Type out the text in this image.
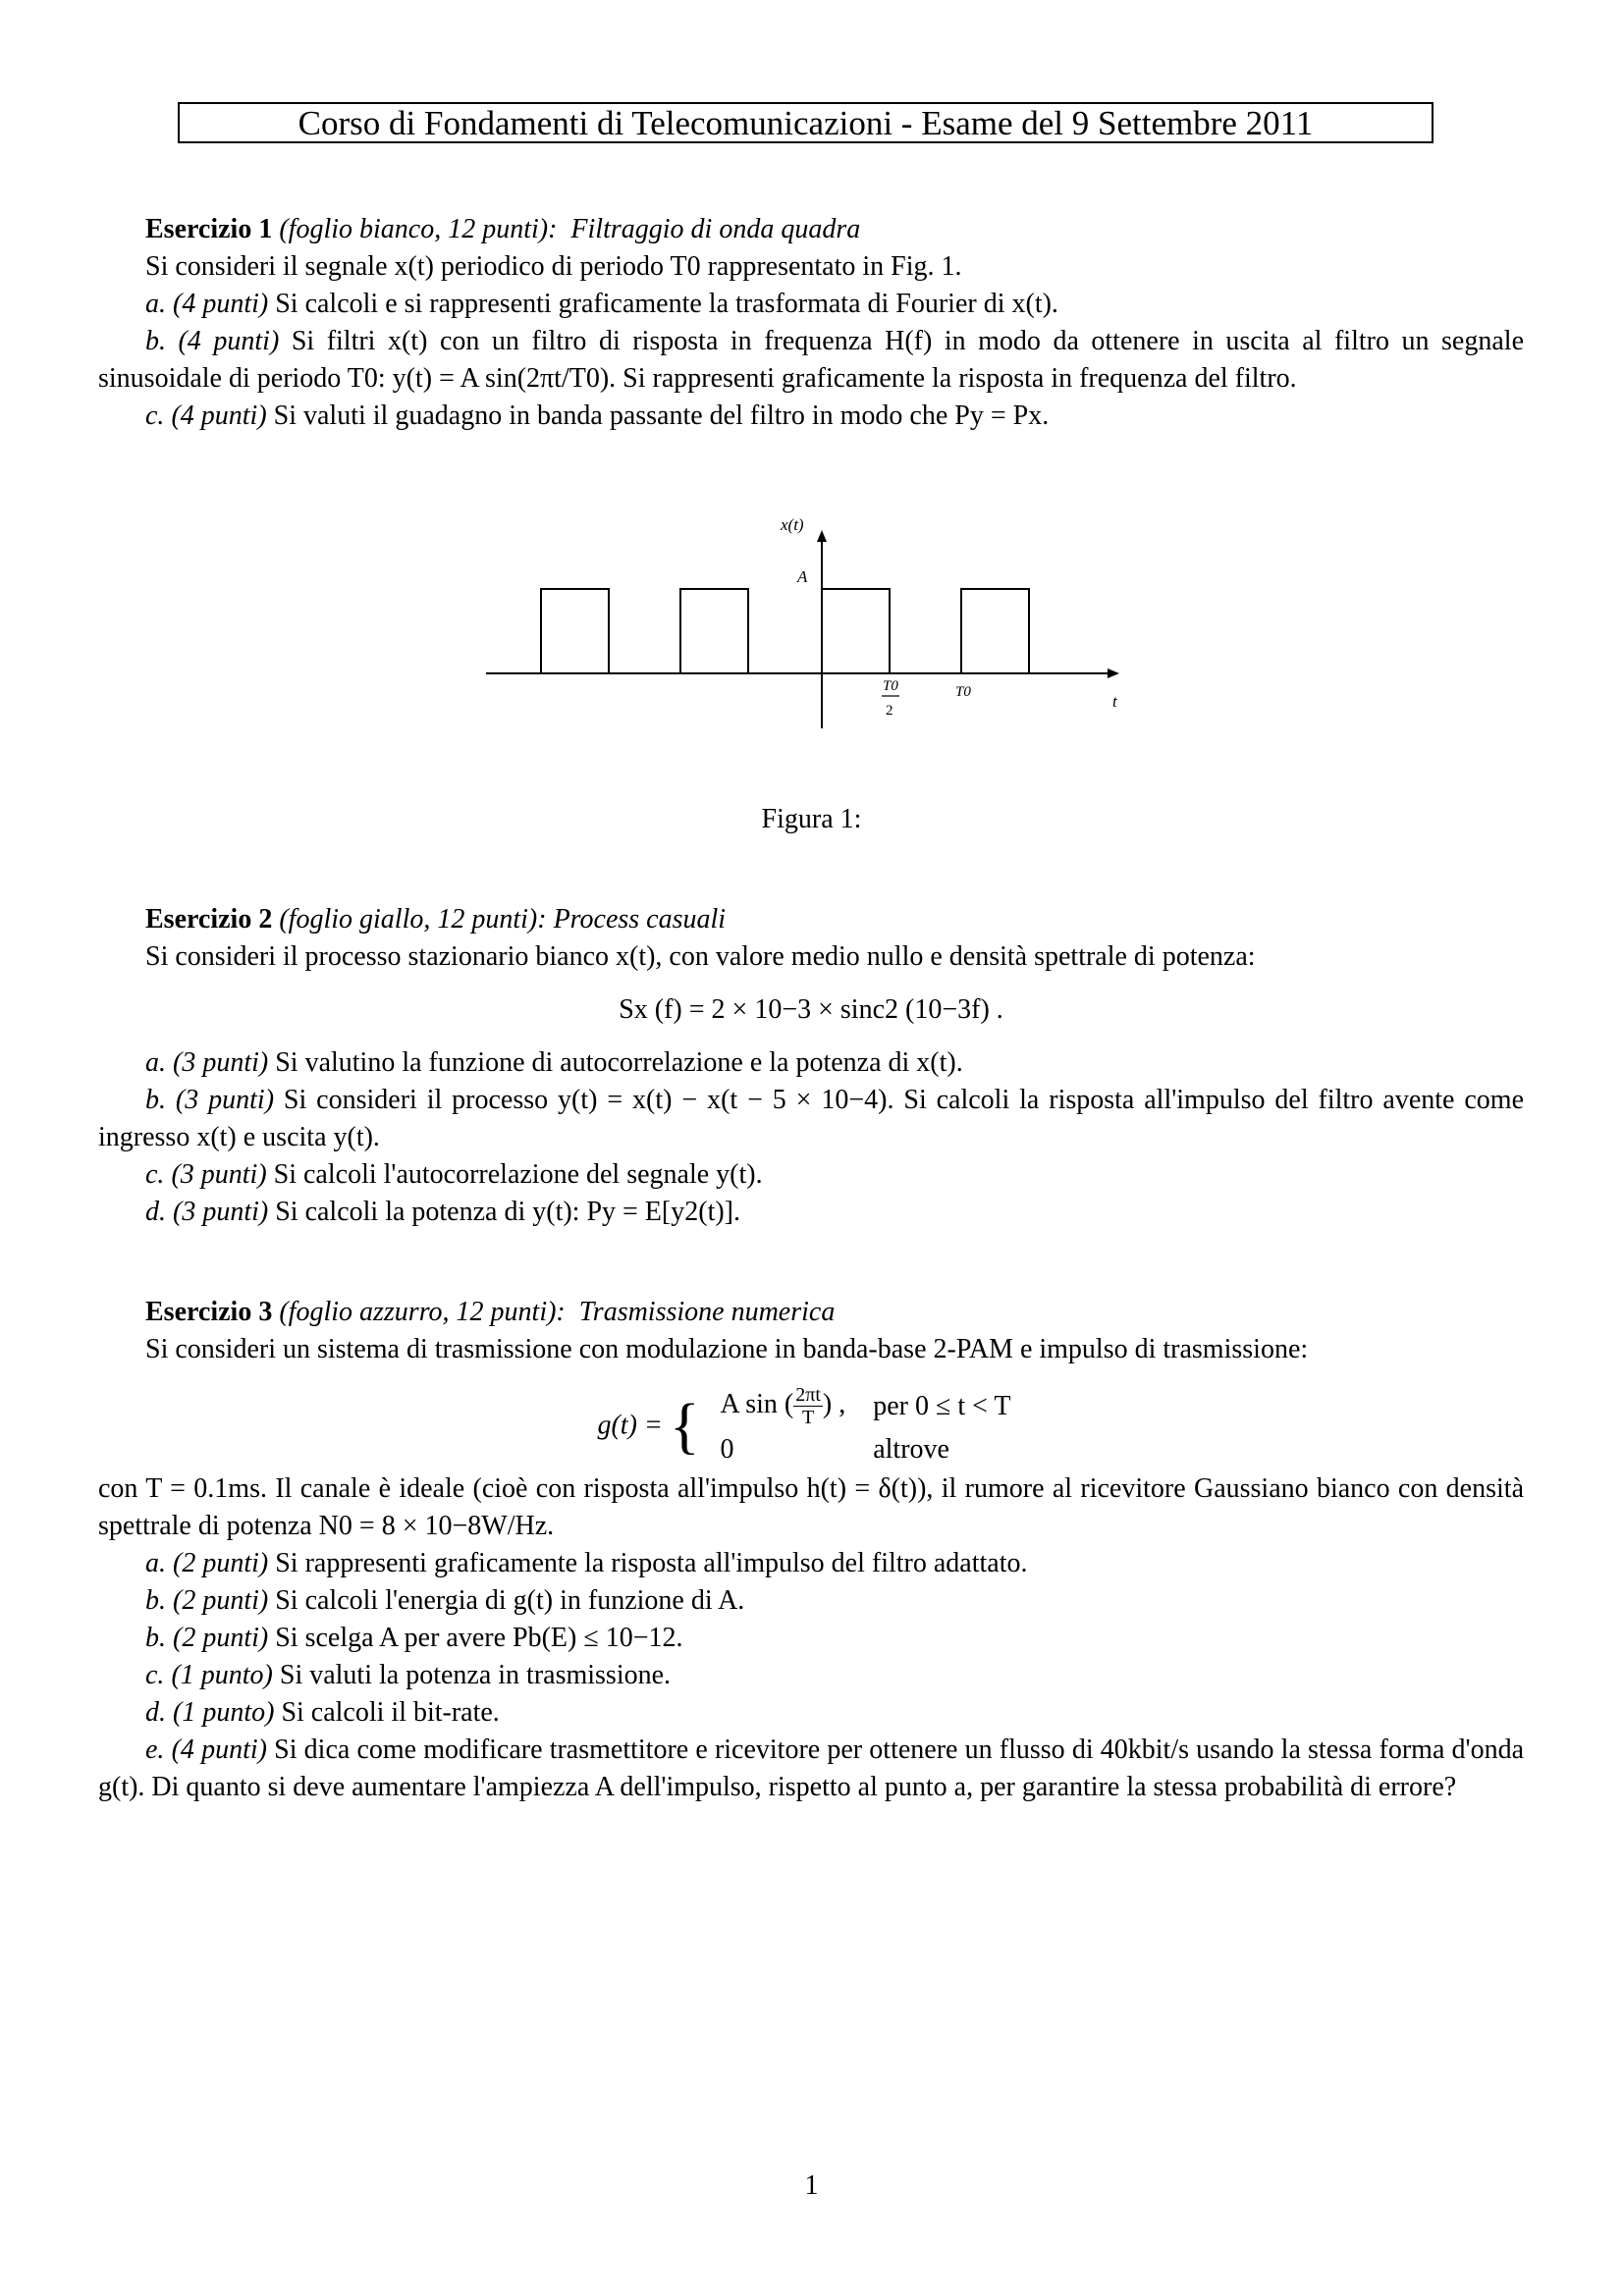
Corso di Fondamenti di Telecomunicazioni - Esame del 9 Settembre 2011

Esercizio 1 (foglio bianco, 12 punti): Filtraggio di onda quadra

Si consideri il segnale x(t) periodico di periodo T0 rappresentato in Fig. 1.

a. (4 punti) Si calcoli e si rappresenti graficamente la trasformata di Fourier di x(t).

b. (4 punti) Si filtri x(t) con un filtro di risposta in frequenza H(f) in modo da ottenere in uscita al filtro un segnale sinusoidale di periodo T0: y(t) = A sin(2πt/T0). Si rappresenti graficamente la risposta in frequenza del filtro.

c. (4 punti) Si valuti il guadagno in banda passante del filtro in modo che Py = Px.

x(t)
A
T0
2
T0	t
Figura 1:

Esercizio 2 (foglio giallo, 12 punti): Process casuali

Si consideri il processo stazionario bianco x(t), con valore medio nullo e densità spettrale di potenza:

Sx (f) = 2 × 10−3 × sinc2 (10−3f) .

a. (3 punti) Si valutino la funzione di autocorrelazione e la potenza di x(t).

b. (3 punti) Si consideri il processo y(t) = x(t) − x(t − 5 × 10−4). Si calcoli la risposta all'impulso del filtro avente come ingresso x(t) e uscita y(t).

c. (3 punti) Si calcoli l'autocorrelazione del segnale y(t).

d. (3 punti) Si calcoli la potenza di y(t): Py = E[y2(t)].

Esercizio 3 (foglio azzurro, 12 punti): Trasmissione numerica

Si consideri un sistema di trasmissione con modulazione in banda-base 2-PAM e impulso di trasmissione:

g(t) = { A sin ( $\frac{2\pi t}{T}$ ) ,	per 0 ≤ t < T
0	altrove

con T = 0.1ms. Il canale è ideale (cioè con risposta all'impulso h(t) = δ(t)), il rumore al ricevitore Gaussiano bianco con densità spettrale di potenza N0 = 8 × 10−8W/Hz.

a. (2 punti) Si rappresenti graficamente la risposta all'impulso del filtro adattato.

b. (2 punti) Si calcoli l'energia di g(t) in funzione di A.

b. (2 punti) Si scelga A per avere Pb(E) ≤ 10−12.

c. (1 punto) Si valuti la potenza in trasmissione.

d. (1 punto) Si calcoli il bit-rate.

e. (4 punti) Si dica come modificare trasmettitore e ricevitore per ottenere un flusso di 40kbit/s usando la stessa forma d'onda g(t). Di quanto si deve aumentare l'ampiezza A dell'impulso, rispetto al punto a, per garantire la stessa probabilità di errore?

1
